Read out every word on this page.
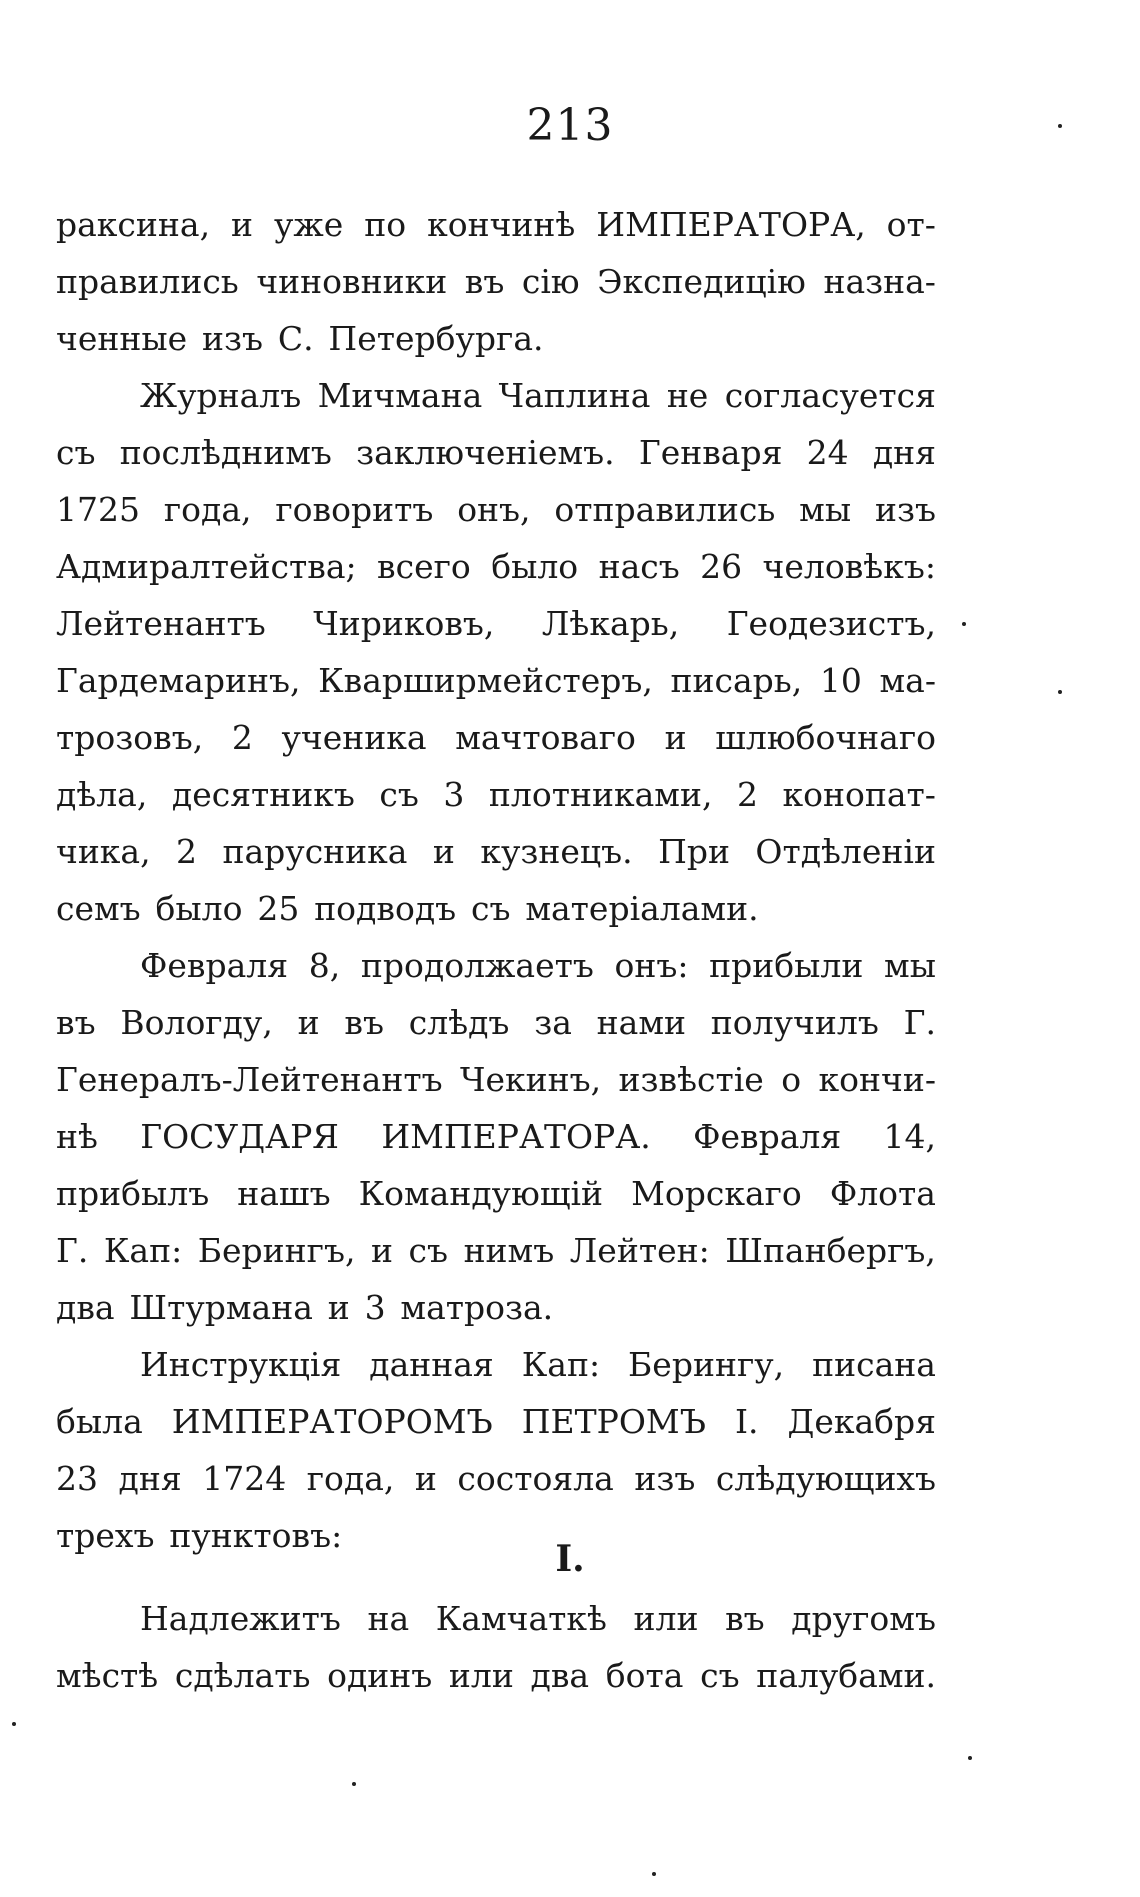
213
раксина, и уже по кончинѣ ИМПЕРАТОРА, от-
правились чиновники въ сiю Экспедицiю назна-
ченные изъ С. Петербурга.
Журналъ Мичмана Чаплина не согласуется
съ послѣднимъ заключенiемъ. Генваря 24 дня
1725 года, говоритъ онъ, отправились мы изъ
Адмиралтейства; всего было насъ 26 человѣкъ:
Лейтенантъ Чириковъ, Лѣкарь, Геодезистъ,
Гардемаринъ, Кварширмейстеръ, писарь, 10 ма-
трозовъ, 2 ученика мачтоваго и шлюбочнаго
дѣла, десятникъ съ 3 плотниками, 2 конопат-
чика, 2 парусника и кузнецъ. При Отдѣленiи
семъ было 25 подводъ съ матерiалами.
Февраля 8, продолжаетъ онъ: прибыли мы
въ Вологду, и въ слѣдъ за нами получилъ Г.
Генералъ-Лейтенантъ Чекинъ, извѣстiе о кончи-
нѣ ГОСУДАРЯ ИМПЕРАТОРА. Февраля 14,
прибылъ нашъ Командующiй Морскаго Флота
Г. Кап: Берингъ, и съ нимъ Лейтен: Шпанбергъ,
два Штурмана и 3 матроза.
Инструкцiя данная Кап: Берингу, писана
была ИМПЕРАТОРОМЪ ПЕТРОМЪ I. Декабря
23 дня 1724 года, и состояла изъ слѣдующихъ
трехъ пунктовъ:
I.
Надлежитъ на Камчаткѣ или въ другомъ
мѣстѣ сдѣлать одинъ или два бота съ палубами.
